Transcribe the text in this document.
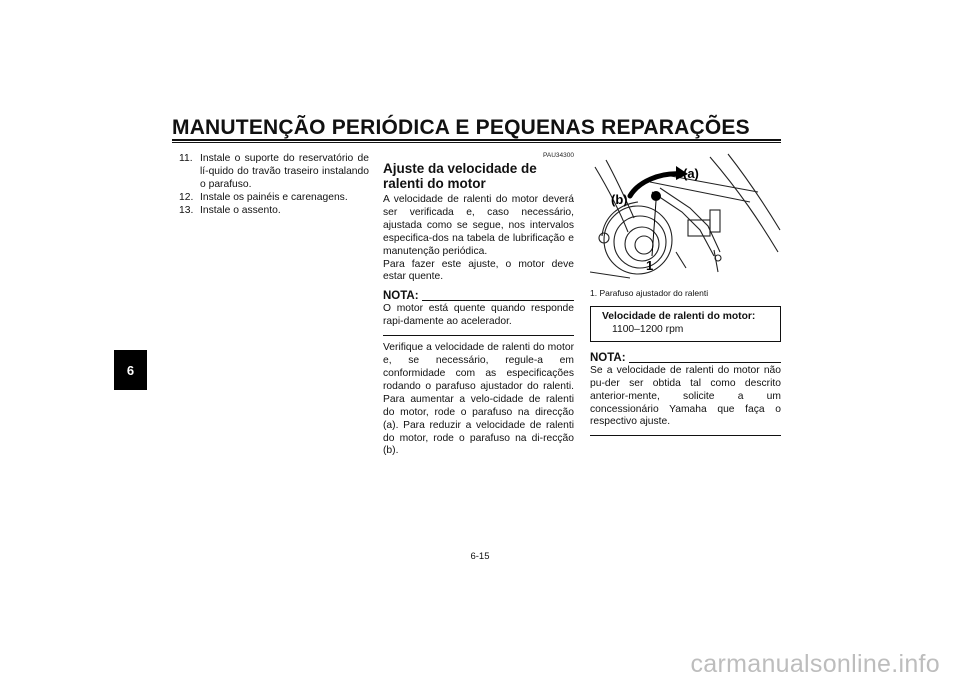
MANUTENÇÃO PERIÓDICA E PEQUENAS REPARAÇÕES
6
11. Instale o suporte do reservatório de lí-quido do travão traseiro instalando o parafuso.
12. Instale os painéis e carenagens.
13. Instale o assento.
PAU34300
Ajuste da velocidade de ralenti do motor

A velocidade de ralenti do motor deverá ser verificada e, caso necessário, ajustada como se segue, nos intervalos especifica-dos na tabela de lubrificação e manutenção periódica.

Para fazer este ajuste, o motor deve estar quente.

NOTA:

O motor está quente quando responde rapi-damente ao acelerador.

Verifique a velocidade de ralenti do motor e, se necessário, regule-a em conformidade com as especificações rodando o parafuso ajustador do ralenti. Para aumentar a velo-cidade de ralenti do motor, rode o parafuso na direcção (a). Para reduzir a velocidade de ralenti do motor, rode o parafuso na di-recção (b).

(a)
(b)
1
1. Parafuso ajustador do ralenti
Velocidade de ralenti do motor:
1100–1200 rpm
NOTA:

Se a velocidade de ralenti do motor não pu-der ser obtida tal como descrito anterior-mente, solicite a um concessionário Yamaha que faça o respectivo ajuste.

6-15
carmanualsonline.info
